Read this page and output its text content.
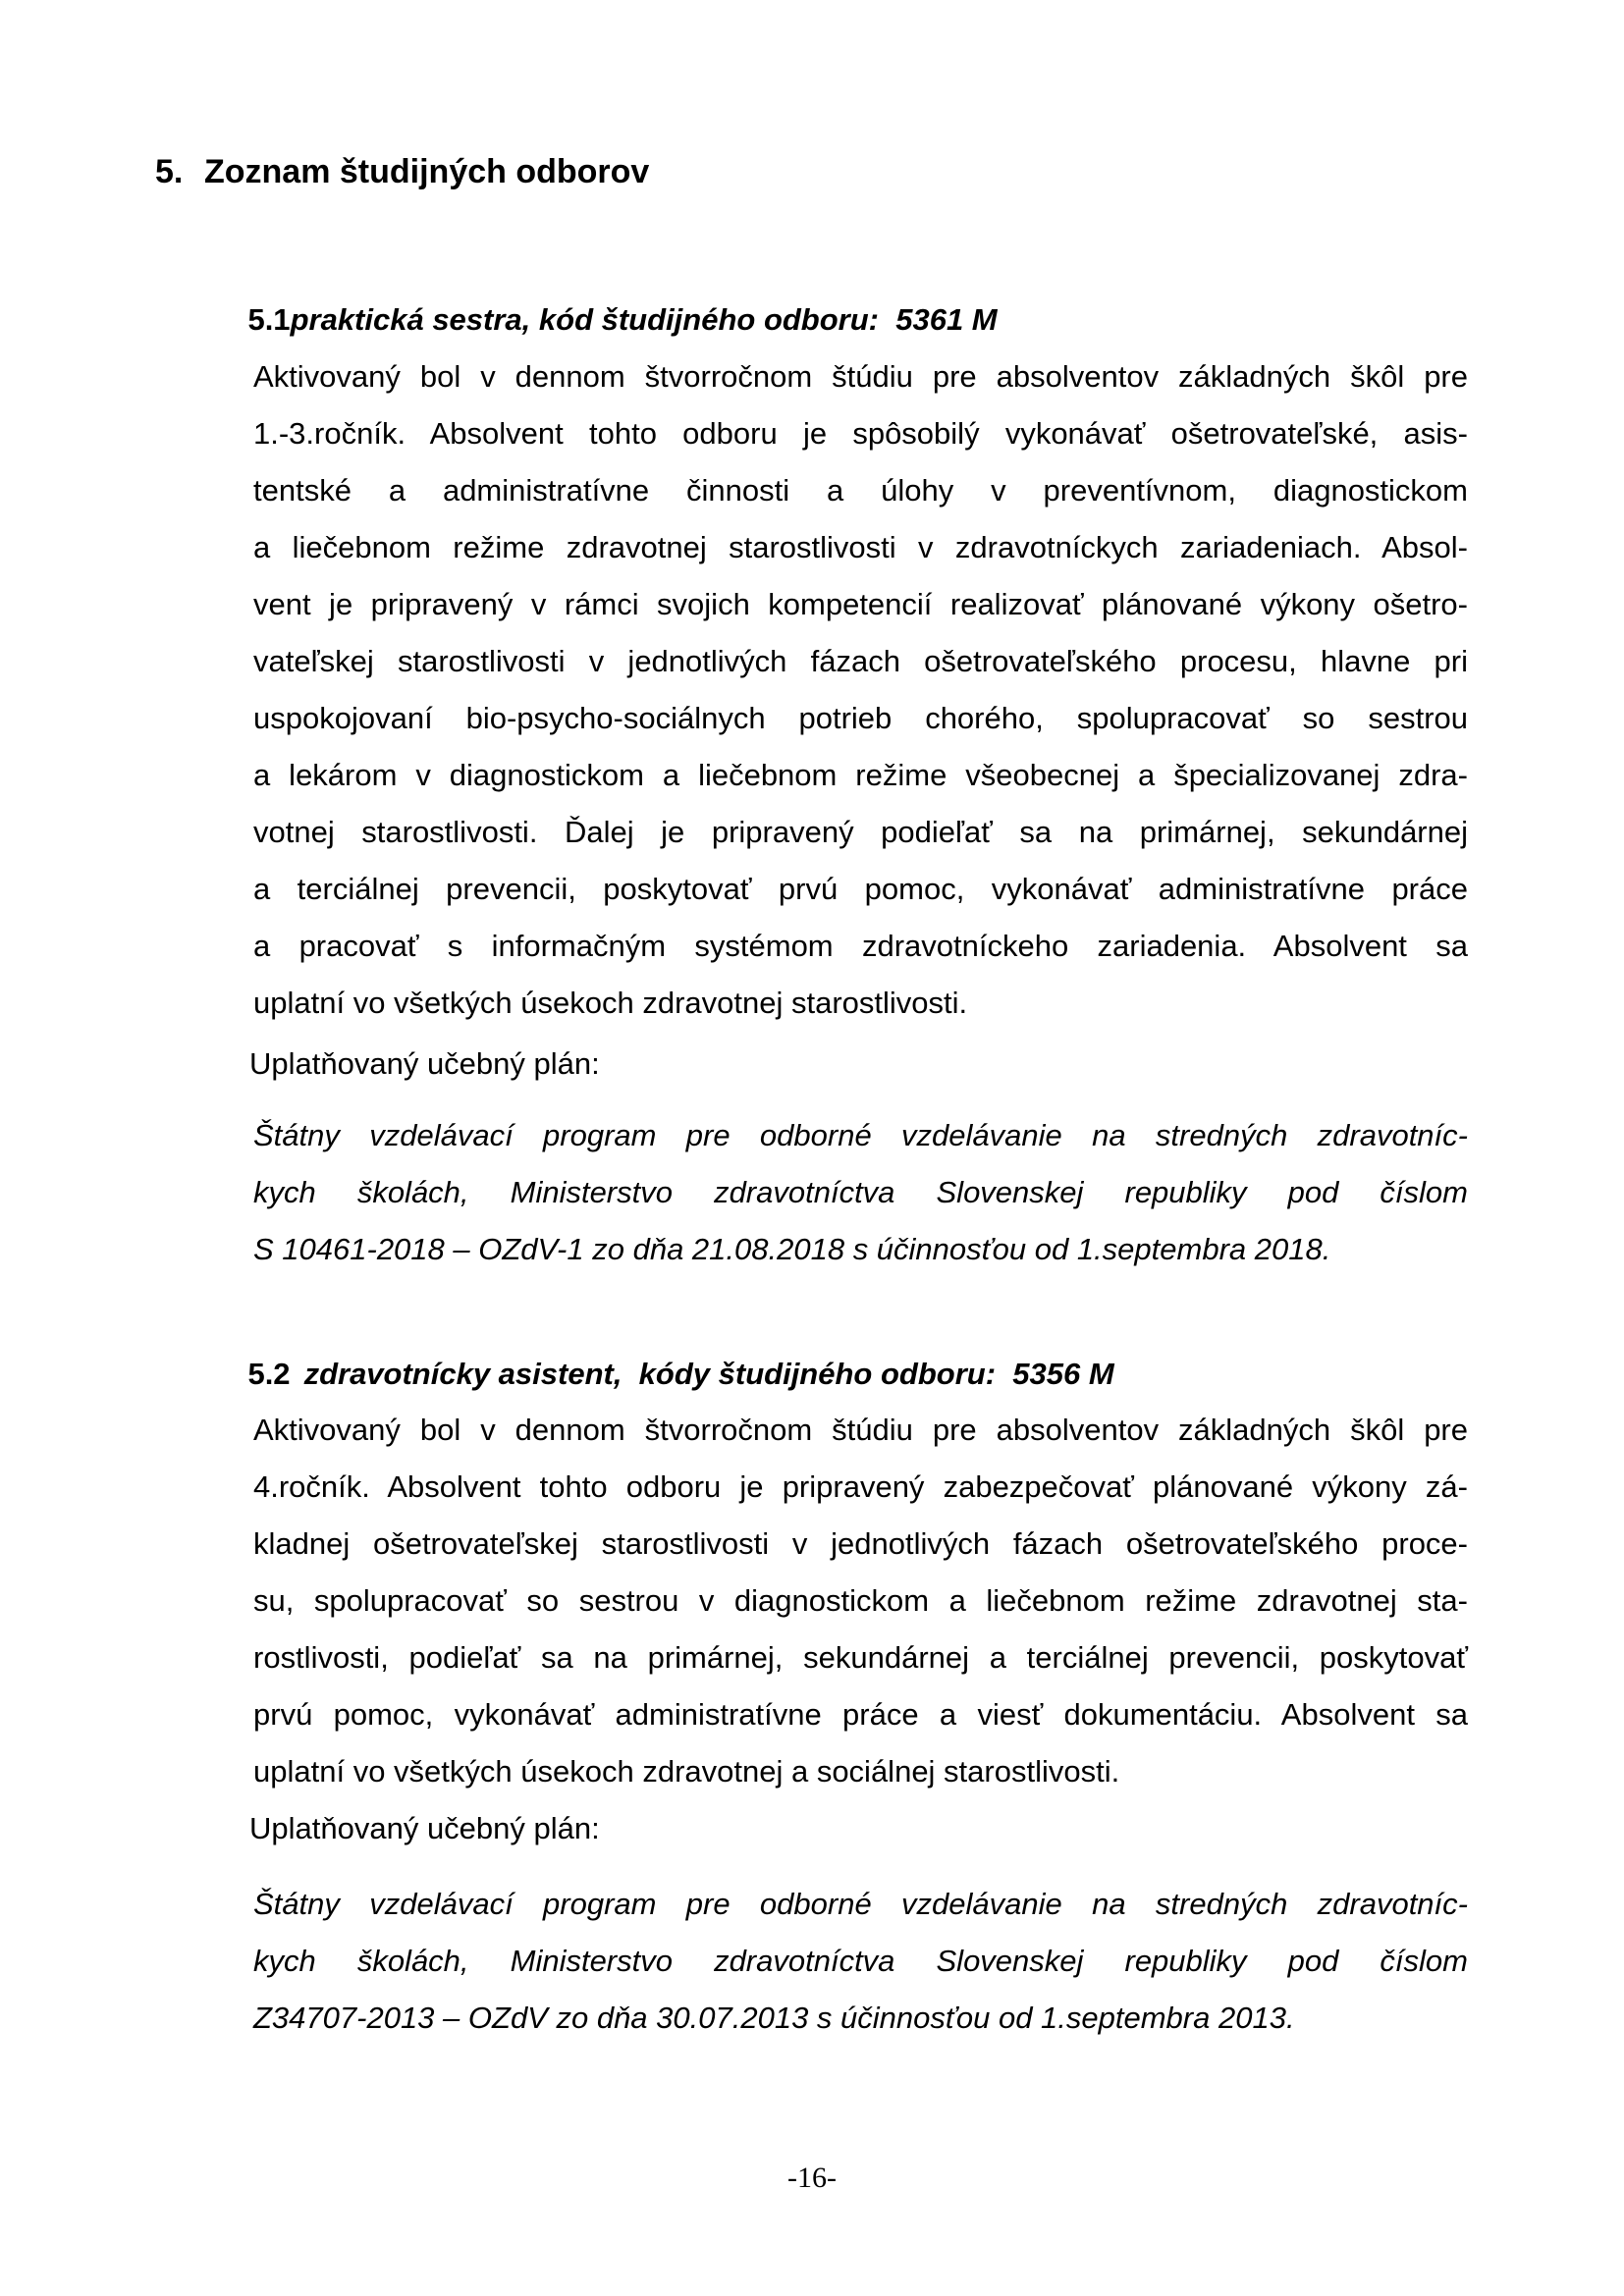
5. Zoznam študijných odborov

5.1praktická sestra, kód študijného odboru:  5361 M

Aktivovaný bol v dennom štvorročnom štúdiu pre absolventov základných škôl pre
1.-3.ročník. Absolvent tohto odboru je spôsobilý vykonávať ošetrovateľské, asis-
tentské a administratívne činnosti a úlohy v preventívnom, diagnostickom
a liečebnom režime zdravotnej starostlivosti v zdravotníckych zariadeniach. Absol-
vent je pripravený v rámci svojich kompetencií realizovať plánované výkony ošetro-
vateľskej starostlivosti v jednotlivých fázach ošetrovateľského procesu, hlavne pri
uspokojovaní bio-psycho-sociálnych potrieb chorého, spolupracovať so sestrou
a lekárom v diagnostickom a liečebnom režime všeobecnej a špecializovanej zdra-
votnej starostlivosti. Ďalej je pripravený podieľať sa na primárnej, sekundárnej
a terciálnej prevencii, poskytovať prvú pomoc, vykonávať administratívne práce
a pracovať s informačným systémom zdravotníckeho zariadenia. Absolvent sa
uplatní vo všetkých úsekoch zdravotnej starostlivosti.
Uplatňovaný učebný plán:
Štátny vzdelávací program pre odborné vzdelávanie na stredných zdravotníc-
kych školách, Ministerstvo zdravotníctva Slovenskej republiky pod číslom
S 10461-2018 – OZdV-1 zo dňa 21.08.2018 s účinnosťou od 1.septembra 2018.

5.2 zdravotnícky asistent,  kódy študijného odboru:  5356 M

Aktivovaný bol v dennom štvorročnom štúdiu pre absolventov základných škôl pre
4.ročník. Absolvent tohto odboru je pripravený zabezpečovať plánované výkony zá-
kladnej ošetrovateľskej starostlivosti v jednotlivých fázach ošetrovateľského proce-
su, spolupracovať so sestrou v diagnostickom a liečebnom režime zdravotnej sta-
rostlivosti, podieľať sa na primárnej, sekundárnej a terciálnej prevencii, poskytovať
prvú pomoc, vykonávať administratívne práce a viesť dokumentáciu. Absolvent sa
uplatní vo všetkých úsekoch zdravotnej a sociálnej starostlivosti.
Uplatňovaný učebný plán:
Štátny vzdelávací program pre odborné vzdelávanie na stredných zdravotníc-
kych školách, Ministerstvo zdravotníctva Slovenskej republiky pod číslom
Z34707-2013 – OZdV zo dňa 30.07.2013 s účinnosťou od 1.septembra 2013.
-16-
